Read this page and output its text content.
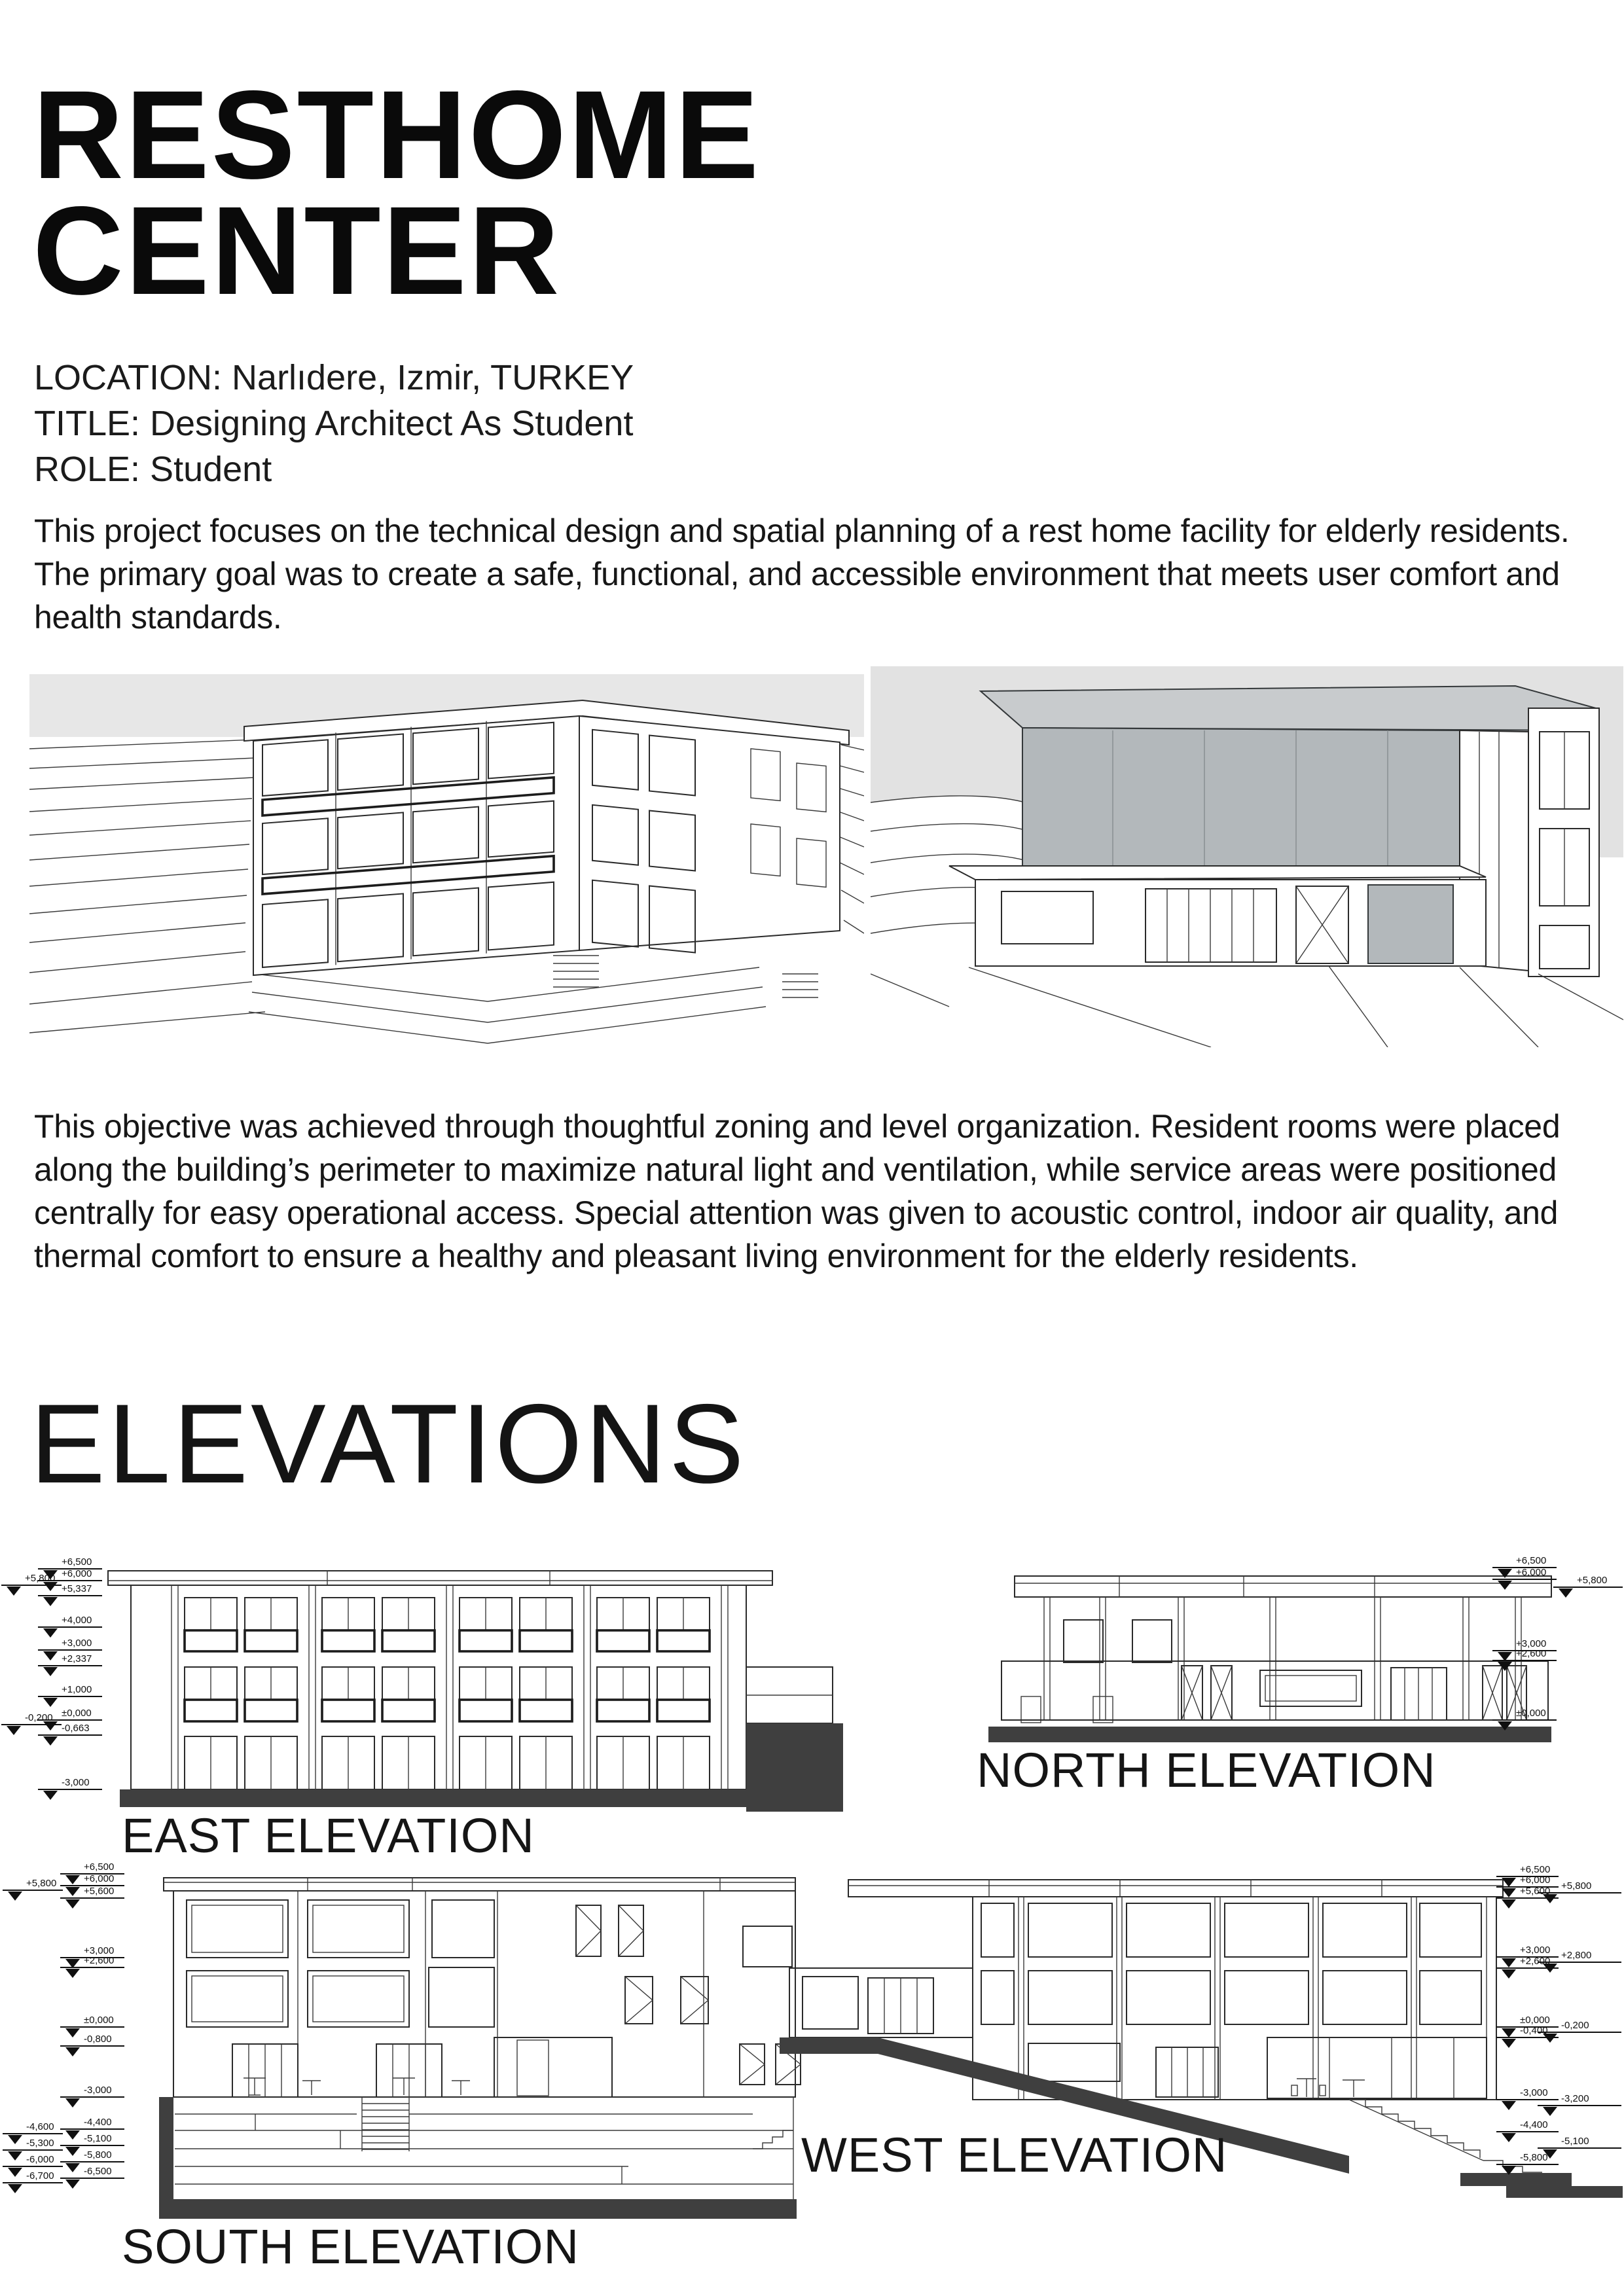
RESTHOME
CENTER
LOCATION: Narlıdere, Izmir, TURKEY
TITLE: Designing Architect As Student
ROLE: Student
This project focuses on the technical design and spatial planning of a rest home facility for elderly residents. The primary goal was to create a safe, functional, and accessible environment that meets user comfort and health standards.
This objective was achieved through thoughtful zoning and level organization. Resident rooms were placed along the building’s perimeter to maximize natural light and ventilation, while service areas were positioned centrally for easy operational access. Special attention was given to acoustic control, indoor air quality, and thermal comfort to ensure a healthy and pleasant living environment for the elderly residents.
ELEVATIONS
+6,500
+6,000
+5,800
+5,337
+4,000
+3,000
+2,337
+1,000
±0,000
-0,200
-0,663
-3,000
EAST ELEVATION
+6,500
+6,000
+5,800
+3,000
+2,600
±0,000
NORTH ELEVATION
+6,500
+6,000
+5,800
+5,600
+3,000
+2,600
±0,000
-0,800
-3,000
-4,400
-4,600
-5,100
-5,300
-5,800
-6,000
-6,500
-6,700
SOUTH ELEVATION
+6,500
+6,000
+5,800
+5,600
+3,000 +2,800
+2,600
±0,000 -0,200
-0,400
-3,000
-3,200
-4,400
-5,100
-5,800
WEST ELEVATION
